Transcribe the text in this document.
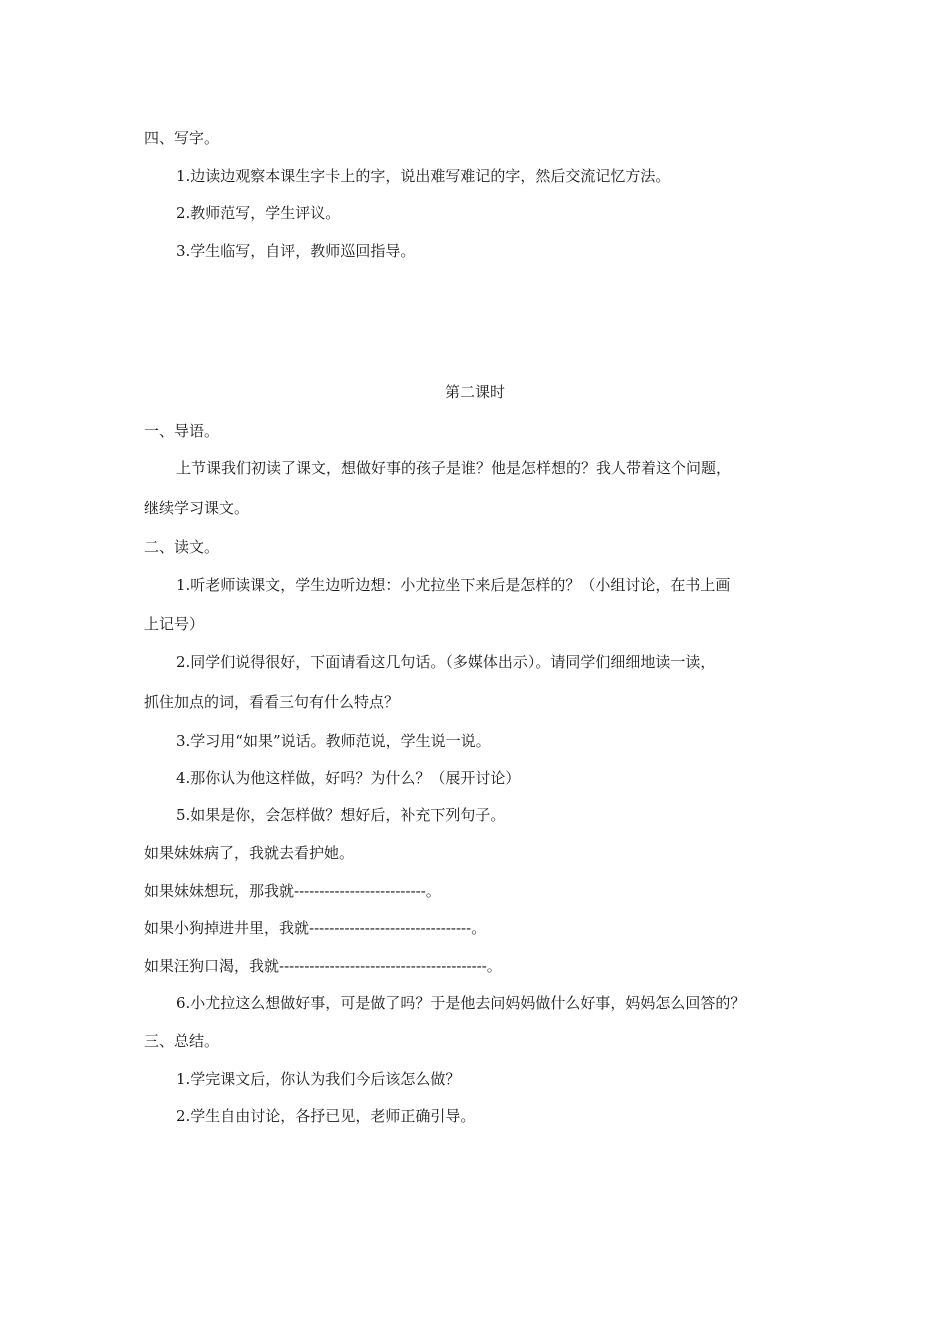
四、写字。
1.边读边观察本课生字卡上的字，说出难写难记的字，然后交流记忆方法。
2.教师范写，学生评议。
3.学生临写，自评，教师巡回指导。
第二课时
一、导语。
上节课我们初读了课文，想做好事的孩子是谁？他是怎样想的？我人带着这个问题，
继续学习课文。
二、读文。
1.听老师读课文，学生边听边想：小尤拉坐下来后是怎样的？（小组讨论，在书上画
上记号）
2.同学们说得很好，下面请看这几句话。（多媒体出示）。请同学们细细地读一读，
抓住加点的词，看看三句有什么特点？
3.学习用“如果”说话。教师范说，学生说一说。
4.那你认为他这样做，好吗？为什么？（展开讨论）
5.如果是你，会怎样做？想好后，补充下列句子。
如果妹妹病了，我就去看护她。
如果妹妹想玩，那我就--------------------------。
如果小狗掉进井里，我就--------------------------------。
如果汪狗口渴，我就-----------------------------------------。
6.小尤拉这么想做好事，可是做了吗？于是他去问妈妈做什么好事，妈妈怎么回答的？
三、总结。
1.学完课文后，你认为我们今后该怎么做？
2.学生自由讨论，各抒已见，老师正确引导。
